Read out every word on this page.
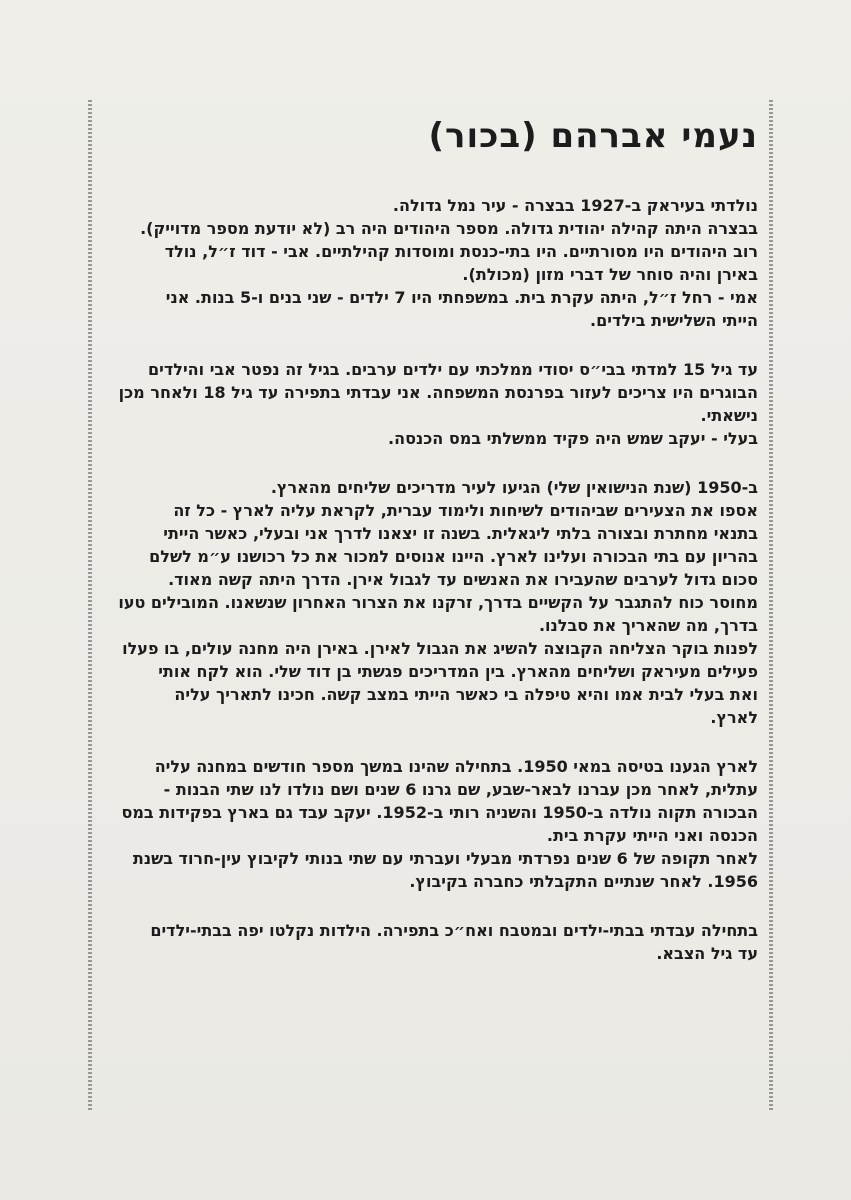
נעמי אברהם (בכור)
נולדתי בעיראק ב-1927 בבצרה - עיר נמל גדולה.
בבצרה היתה קהילה יהודית גדולה. מספר היהודים היה רב (לא יודעת מספר מדוייק).
רוב היהודים היו מסורתיים. היו בתי-כנסת ומוסדות קהילתיים. אבי - דוד ז״ל, נולד
באירן והיה סוחר של דברי מזון (מכולת).
אמי - רחל ז״ל, היתה עקרת בית. במשפחתי היו 7 ילדים - שני בנים ו-5 בנות. אני
הייתי השלישית בילדים.
עד גיל 15 למדתי בבי״ס יסודי ממלכתי עם ילדים ערבים. בגיל זה נפטר אבי והילדים
הבוגרים היו צריכים לעזור בפרנסת המשפחה. אני עבדתי בתפירה עד גיל 18 ולאחר מכן
נישאתי.
בעלי - יעקב שמש היה פקיד ממשלתי במס הכנסה.
ב-1950 (שנת הנישואין שלי) הגיעו לעיר מדריכים שליחים מהארץ.
אספו את הצעירים שביהודים לשיחות ולימוד עברית, לקראת עליה לארץ - כל זה
בתנאי מחתרת ובצורה בלתי ליגאלית. בשנה זו יצאנו לדרך אני ובעלי, כאשר הייתי
בהריון עם בתי הבכורה ועלינו לארץ. היינו אנוסים למכור את כל רכושנו ע״מ לשלם
סכום גדול לערבים שהעבירו את האנשים עד לגבול אירן. הדרך היתה קשה מאוד.
מחוסר כוח להתגבר על הקשיים בדרך, זרקנו את הצרור האחרון שנשאנו. המובילים טעו
בדרך, מה שהאריך את סבלנו.
לפנות בוקר הצליחה הקבוצה להשיג את הגבול לאירן. באירן היה מחנה עולים, בו פעלו
פעילים מעיראק ושליחים מהארץ. בין המדריכים פגשתי בן דוד שלי. הוא לקח אותי
ואת בעלי לבית אמו והיא טיפלה בי כאשר הייתי במצב קשה. חכינו לתאריך עליה
לארץ.
לארץ הגענו בטיסה במאי 1950. בתחילה שהינו במשך מספר חודשים במחנה עליה
עתלית, לאחר מכן עברנו לבאר-שבע, שם גרנו 6 שנים ושם נולדו לנו שתי הבנות -
הבכורה תקוה נולדה ב-1950 והשניה רותי ב-1952. יעקב עבד גם בארץ בפקידות במס
הכנסה ואני הייתי עקרת בית.
לאחר תקופה של 6 שנים נפרדתי מבעלי ועברתי עם שתי בנותי לקיבוץ עין-חרוד בשנת
1956. לאחר שנתיים התקבלתי כחברה בקיבוץ.
בתחילה עבדתי בבתי-ילדים ובמטבח ואח״כ בתפירה. הילדות נקלטו יפה בבתי-ילדים
עד גיל הצבא.
